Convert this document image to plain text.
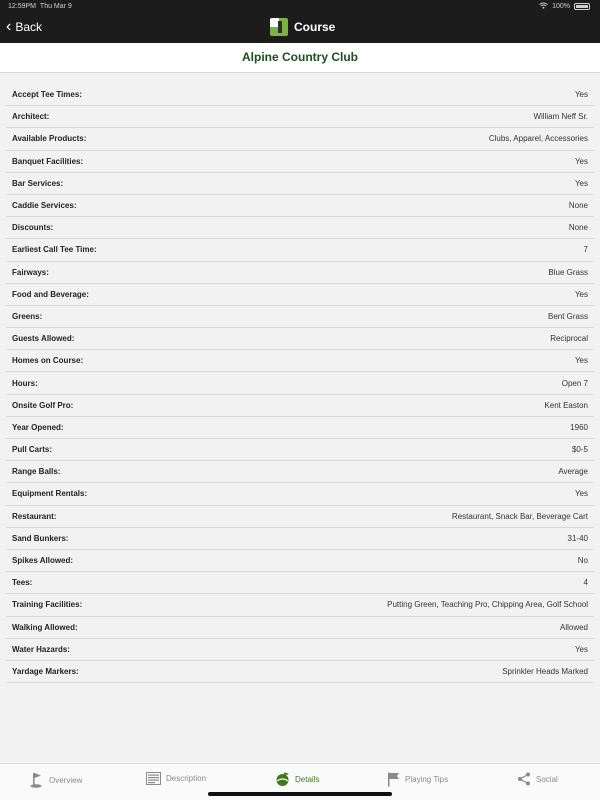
12:59PM Thu Mar 9	100%
‹ Back	Course
Alpine Country Club
Accept Tee Times:	Yes
Architect:	William Neff Sr.
Available Products:	Clubs, Apparel, Accessories
Banquet Facilities:	Yes
Bar Services:	Yes
Caddie Services:	None
Discounts:	None
Earliest Call Tee Time:	7
Fairways:	Blue Grass
Food and Beverage:	Yes
Greens:	Bent Grass
Guests Allowed:	Reciprocal
Homes on Course:	Yes
Hours:	Open 7
Onsite Golf Pro:	Kent Easton
Year Opened:	1960
Pull Carts:	$0-5
Range Balls:	Average
Equipment Rentals:	Yes
Restaurant:	Restaurant, Snack Bar, Beverage Cart
Sand Bunkers:	31-40
Spikes Allowed:	No
Tees:	4
Training Facilities:	Putting Green, Teaching Pro, Chipping Area, Golf School
Walking Allowed:	Allowed
Water Hazards:	Yes
Yardage Markers:	Sprinkler Heads Marked
Overview	Description	Details	Playing Tips	Social
